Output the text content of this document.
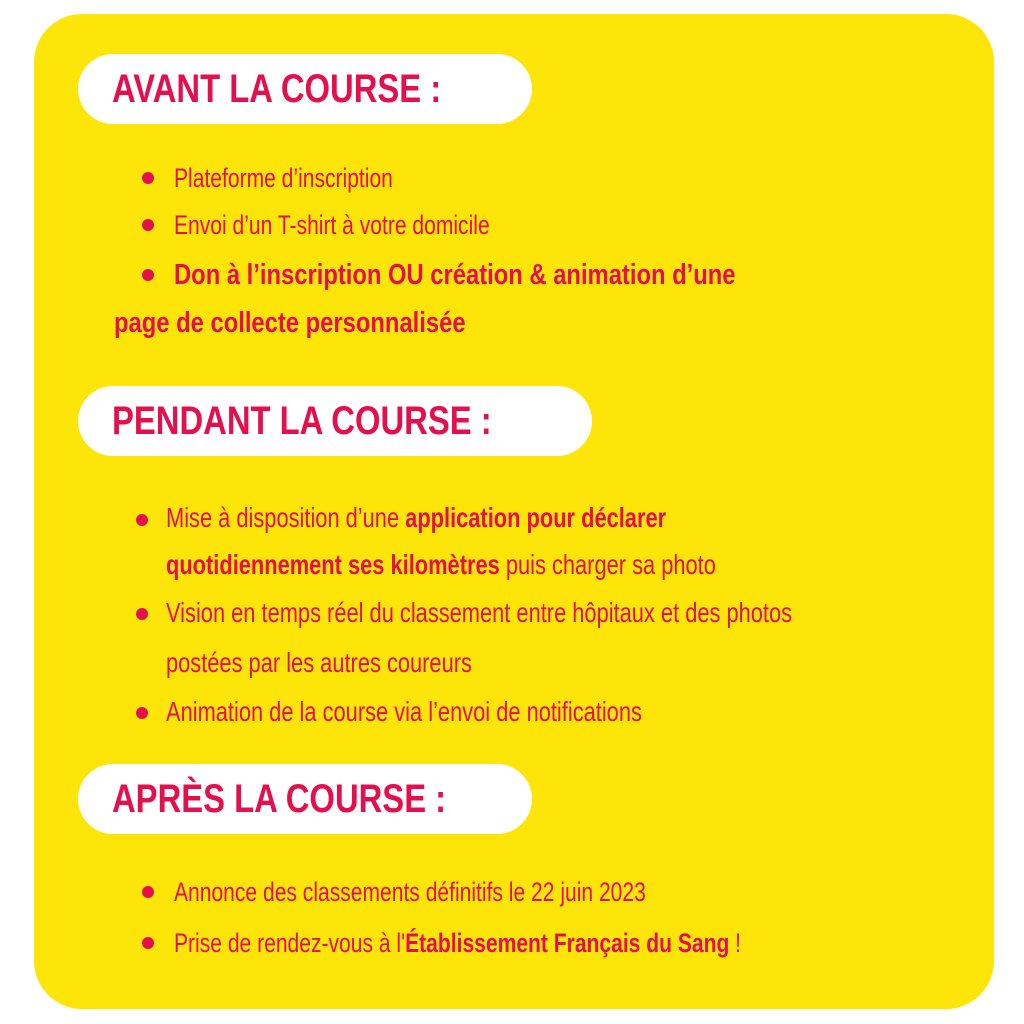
AVANT LA COURSE :
Plateforme d’inscription
Envoi d’un T-shirt à votre domicile
Don à l’inscription OU création & animation d’une
page de collecte personnalisée
PENDANT LA COURSE :
Mise à disposition d’une application pour déclarer
quotidiennement ses kilomètres puis charger sa photo
Vision en temps réel du classement entre hôpitaux et des photos
postées par les autres coureurs
Animation de la course via l’envoi de notifications
APRÈS LA COURSE :
Annonce des classements définitifs le 22 juin 2023
Prise de rendez-vous à l'Établissement Français du Sang !
